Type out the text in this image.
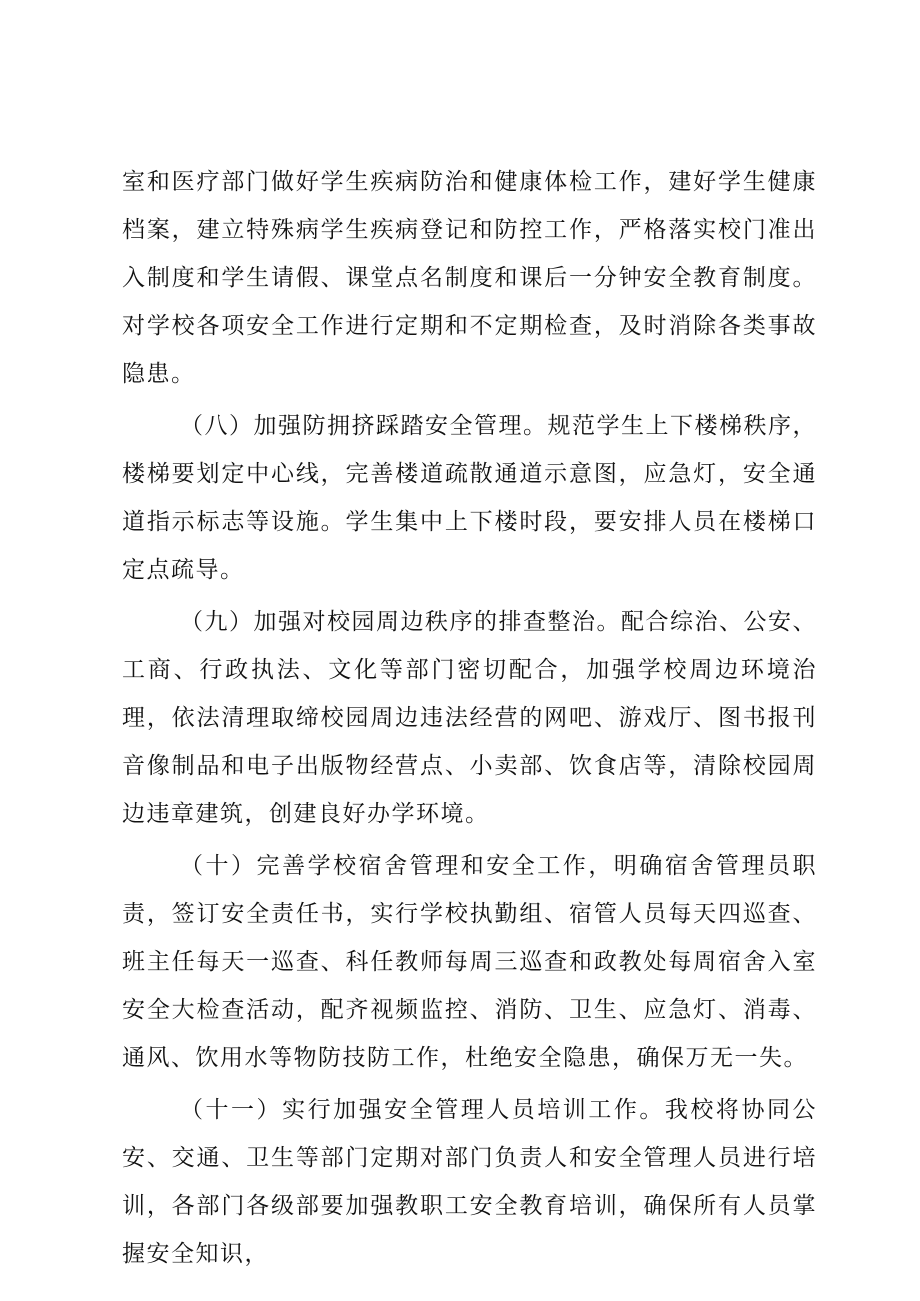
室和医疗部门做好学生疾病防治和健康体检工作，建好学生健康档案，建立特殊病学生疾病登记和防控工作，严格落实校门准出入制度和学生请假、课堂点名制度和课后一分钟安全教育制度。对学校各项安全工作进行定期和不定期检查，及时消除各类事故隐患。

（八）加强防拥挤踩踏安全管理。规范学生上下楼梯秩序，楼梯要划定中心线，完善楼道疏散通道示意图，应急灯，安全通道指示标志等设施。学生集中上下楼时段，要安排人员在楼梯口定点疏导。

（九）加强对校园周边秩序的排查整治。配合综治、公安、工商、行政执法、文化等部门密切配合，加强学校周边环境治理，依法清理取缔校园周边违法经营的网吧、游戏厅、图书报刊音像制品和电子出版物经营点、小卖部、饮食店等，清除校园周边违章建筑，创建良好办学环境。

（十）完善学校宿舍管理和安全工作，明确宿舍管理员职责，签订安全责任书，实行学校执勤组、宿管人员每天四巡查、班主任每天一巡查、科任教师每周三巡查和政教处每周宿舍入室安全大检查活动，配齐视频监控、消防、卫生、应急灯、消毒、通风、饮用水等物防技防工作，杜绝安全隐患，确保万无一失。

（十一）实行加强安全管理人员培训工作。我校将协同公安、交通、卫生等部门定期对部门负责人和安全管理人员进行培训，各部门各级部要加强教职工安全教育培训，确保所有人员掌握安全知识，
